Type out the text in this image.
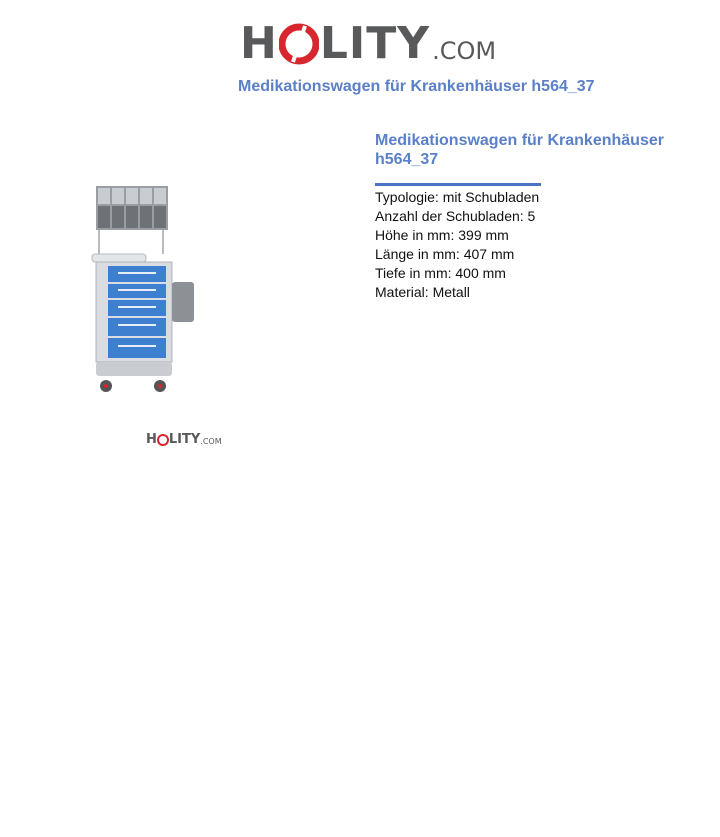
H LITY .COM
Medikationswagen für Krankenhäuser h564_37
H LITY .COM
Medikationswagen für Krankenhäuser
h564_37
Typologie: mit Schubladen
Anzahl der Schubladen: 5
Höhe in mm: 399 mm
Länge in mm: 407 mm
Tiefe in mm: 400 mm
Material: Metall
